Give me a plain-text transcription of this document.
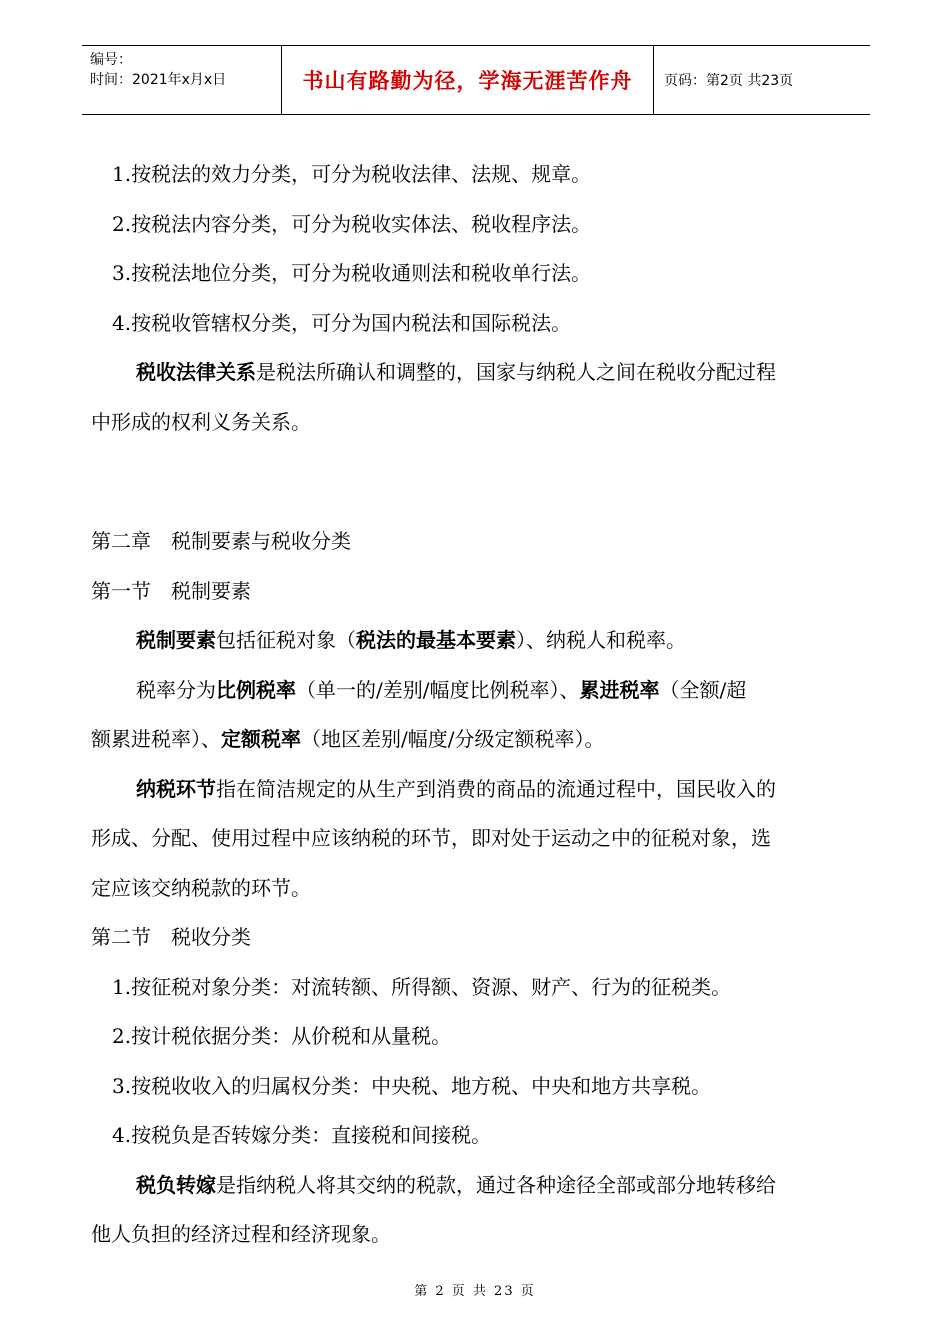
编号：
时间：2021年x月x日	书山有路勤为径，学海无涯苦作舟 页码：第2页 共23页
1.按税法的效力分类，可分为税收法律、法规、规章。
2.按税法内容分类，可分为税收实体法、税收程序法。
3.按税法地位分类，可分为税收通则法和税收单行法。
4.按税收管辖权分类，可分为国内税法和国际税法。
税收法律关系是税法所确认和调整的，国家与纳税人之间在税收分配过程
中形成的权利义务关系。
第二章　税制要素与税收分类
第一节　税制要素
税制要素包括征税对象（税法的最基本要素）、纳税人和税率。
税率分为比例税率（单一的/差别/幅度比例税率）、累进税率（全额/超
额累进税率）、定额税率（地区差别/幅度/分级定额税率）。
纳税环节指在简洁规定的从生产到消费的商品的流通过程中，国民收入的
形成、分配、使用过程中应该纳税的环节，即对处于运动之中的征税对象，选
定应该交纳税款的环节。
第二节　税收分类
1.按征税对象分类：对流转额、所得额、资源、财产、行为的征税类。
2.按计税依据分类：从价税和从量税。
3.按税收收入的归属权分类：中央税、地方税、中央和地方共享税。
4.按税负是否转嫁分类：直接税和间接税。
税负转嫁是指纳税人将其交纳的税款，通过各种途径全部或部分地转移给
他人负担的经济过程和经济现象。
第 2 页 共 23 页
